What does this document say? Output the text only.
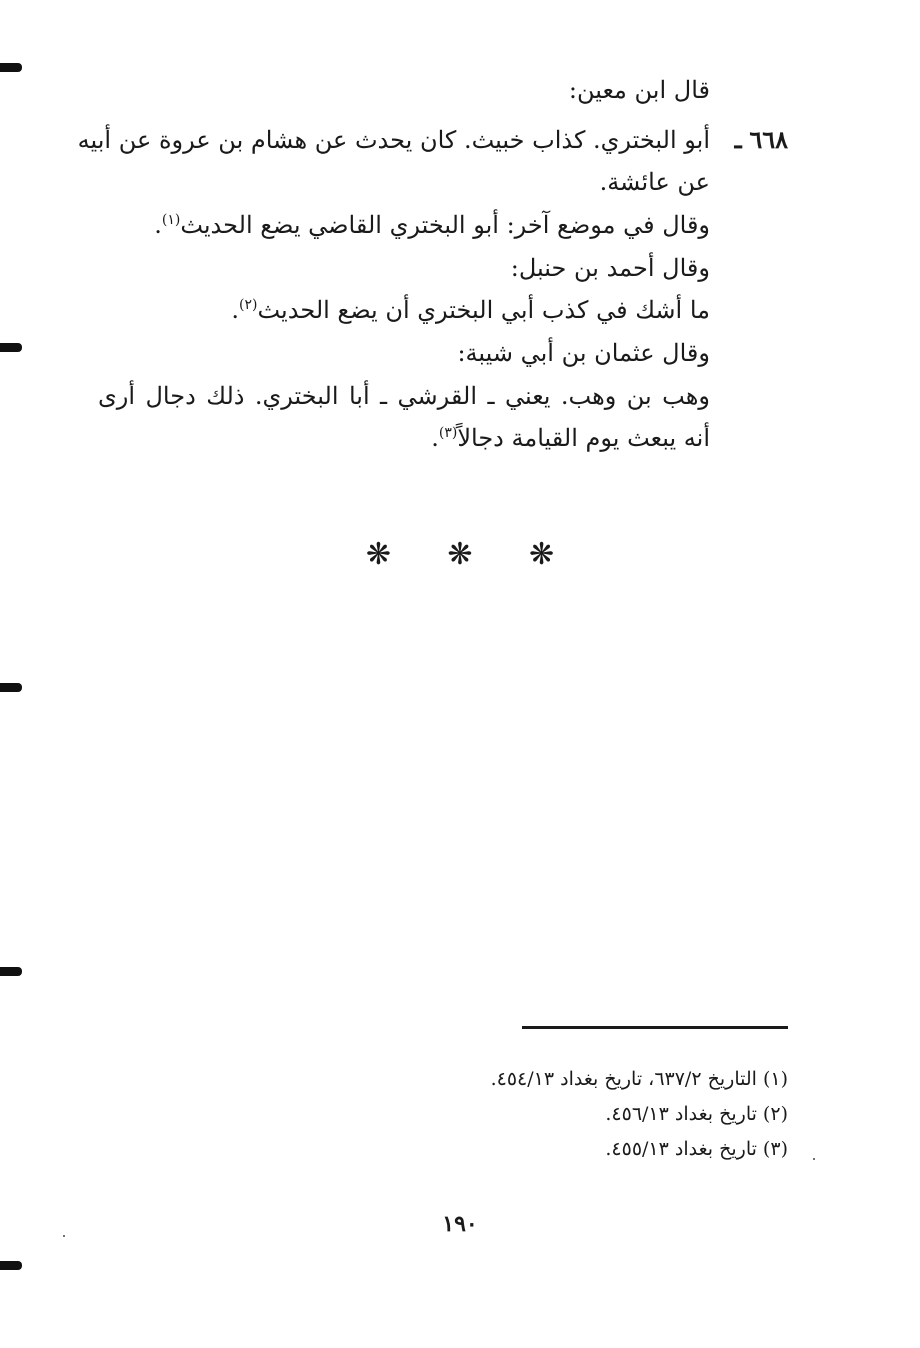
قال ابن معين:
٦٦٨ ـ
أبو البختري. كذاب خبيث. كان يحدث عن هشام بن عروة عن أبيه
عن عائشة.
وقال في موضع آخر: أبو البختري القاضي يضع الحديث$^{(١)}$.
وقال أحمد بن حنبل:
ما أشك في كذب أبي البختري أن يضع الحديث$^{(٢)}$.
وقال عثمان بن أبي شيبة:
وهب بن وهب. يعني ـ القرشي ـ أبا البختري. ذلك دجال أرى
أنه يبعث يوم القيامة دجالاً$^{(٣)}$.
❋ ❋ ❋
(١) التاريخ ٦٣٧/٢، تاريخ بغداد ٤٥٤/١٣.
(٢) تاريخ بغداد ٤٥٦/١٣.
(٣) تاريخ بغداد ٤٥٥/١٣.
١٩٠
